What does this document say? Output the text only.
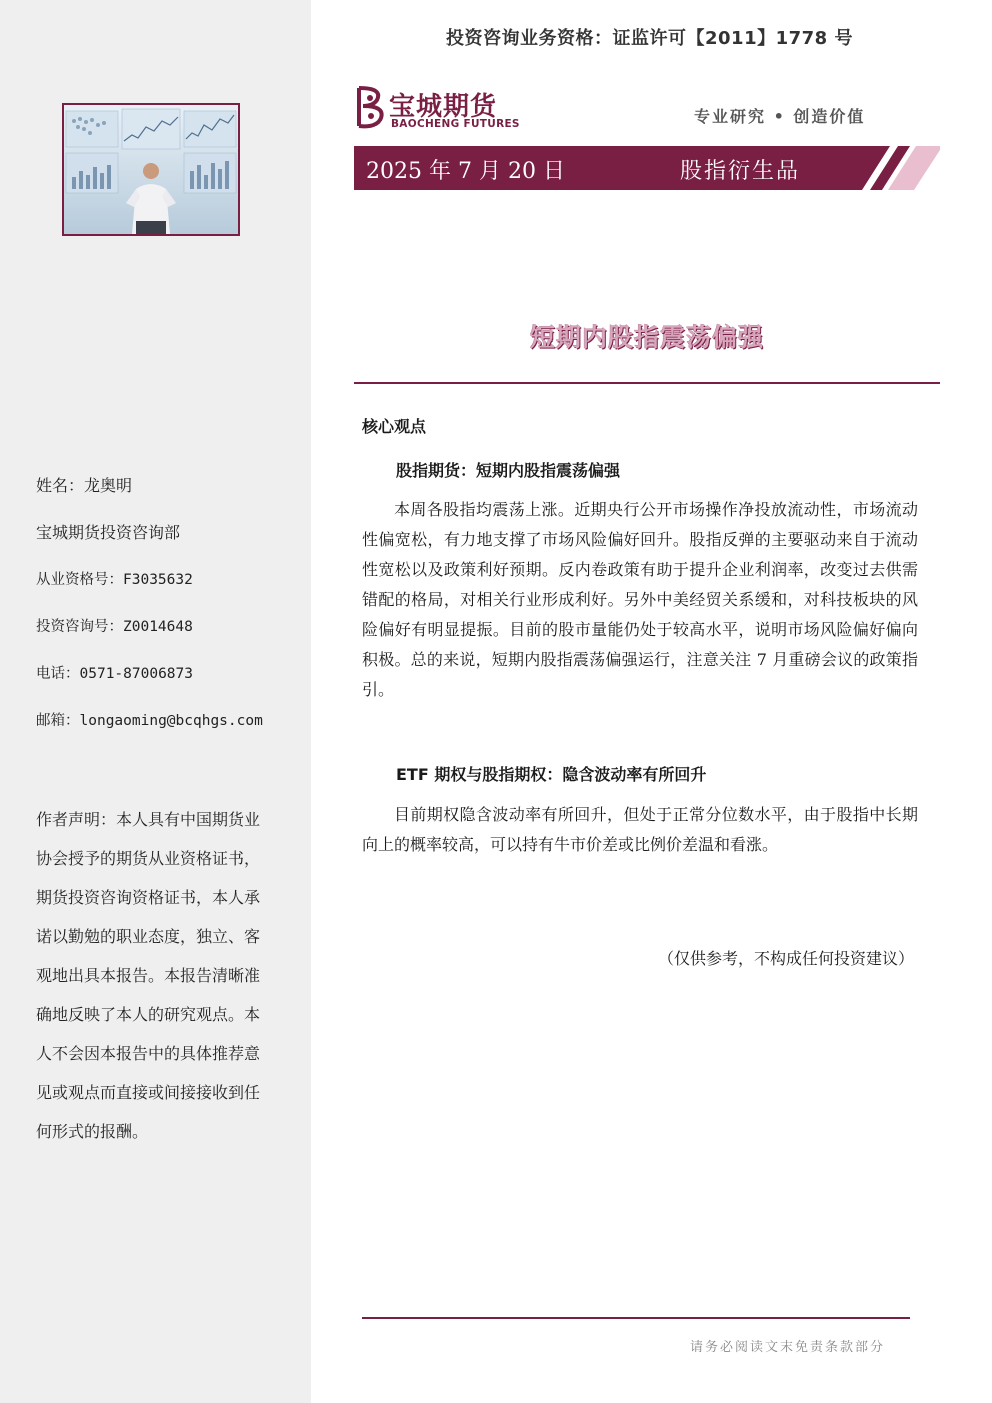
姓名：龙奥明
宝城期货投资咨询部
从业资格号：F3035632
投资咨询号：Z0014648
电话：0571-87006873
邮箱：longaoming@bcqhgs.com
作者声明：本人具有中国期货业协会授予的期货从业资格证书，期货投资咨询资格证书，本人承诺以勤勉的职业态度，独立、客观地出具本报告。本报告清晰准确地反映了本人的研究观点。本人不会因本报告中的具体推荐意见或观点而直接或间接接收到任何形式的报酬。
投资咨询业务资格：证监许可【2011】1778 号
宝城期货
BAOCHENG FUTURES	专业研究 • 创造价值
2025 年 7 月 20 日	股指衍生品
短期内股指震荡偏强
核心观点
股指期货：短期内股指震荡偏强

本周各股指均震荡上涨。近期央行公开市场操作净投放流动性，市场流动性偏宽松，有力地支撑了市场风险偏好回升。股指反弹的主要驱动来自于流动性宽松以及政策利好预期。反内卷政策有助于提升企业利润率，改变过去供需错配的格局，对相关行业形成利好。另外中美经贸关系缓和，对科技板块的风险偏好有明显提振。目前的股市量能仍处于较高水平，说明市场风险偏好偏向积极。总的来说，短期内股指震荡偏强运行，注意关注 7 月重磅会议的政策指引。

ETF 期权与股指期权：隐含波动率有所回升

目前期权隐含波动率有所回升，但处于正常分位数水平，由于股指中长期向上的概率较高，可以持有牛市价差或比例价差温和看涨。

（仅供参考，不构成任何投资建议）
请务必阅读文末免责条款部分
